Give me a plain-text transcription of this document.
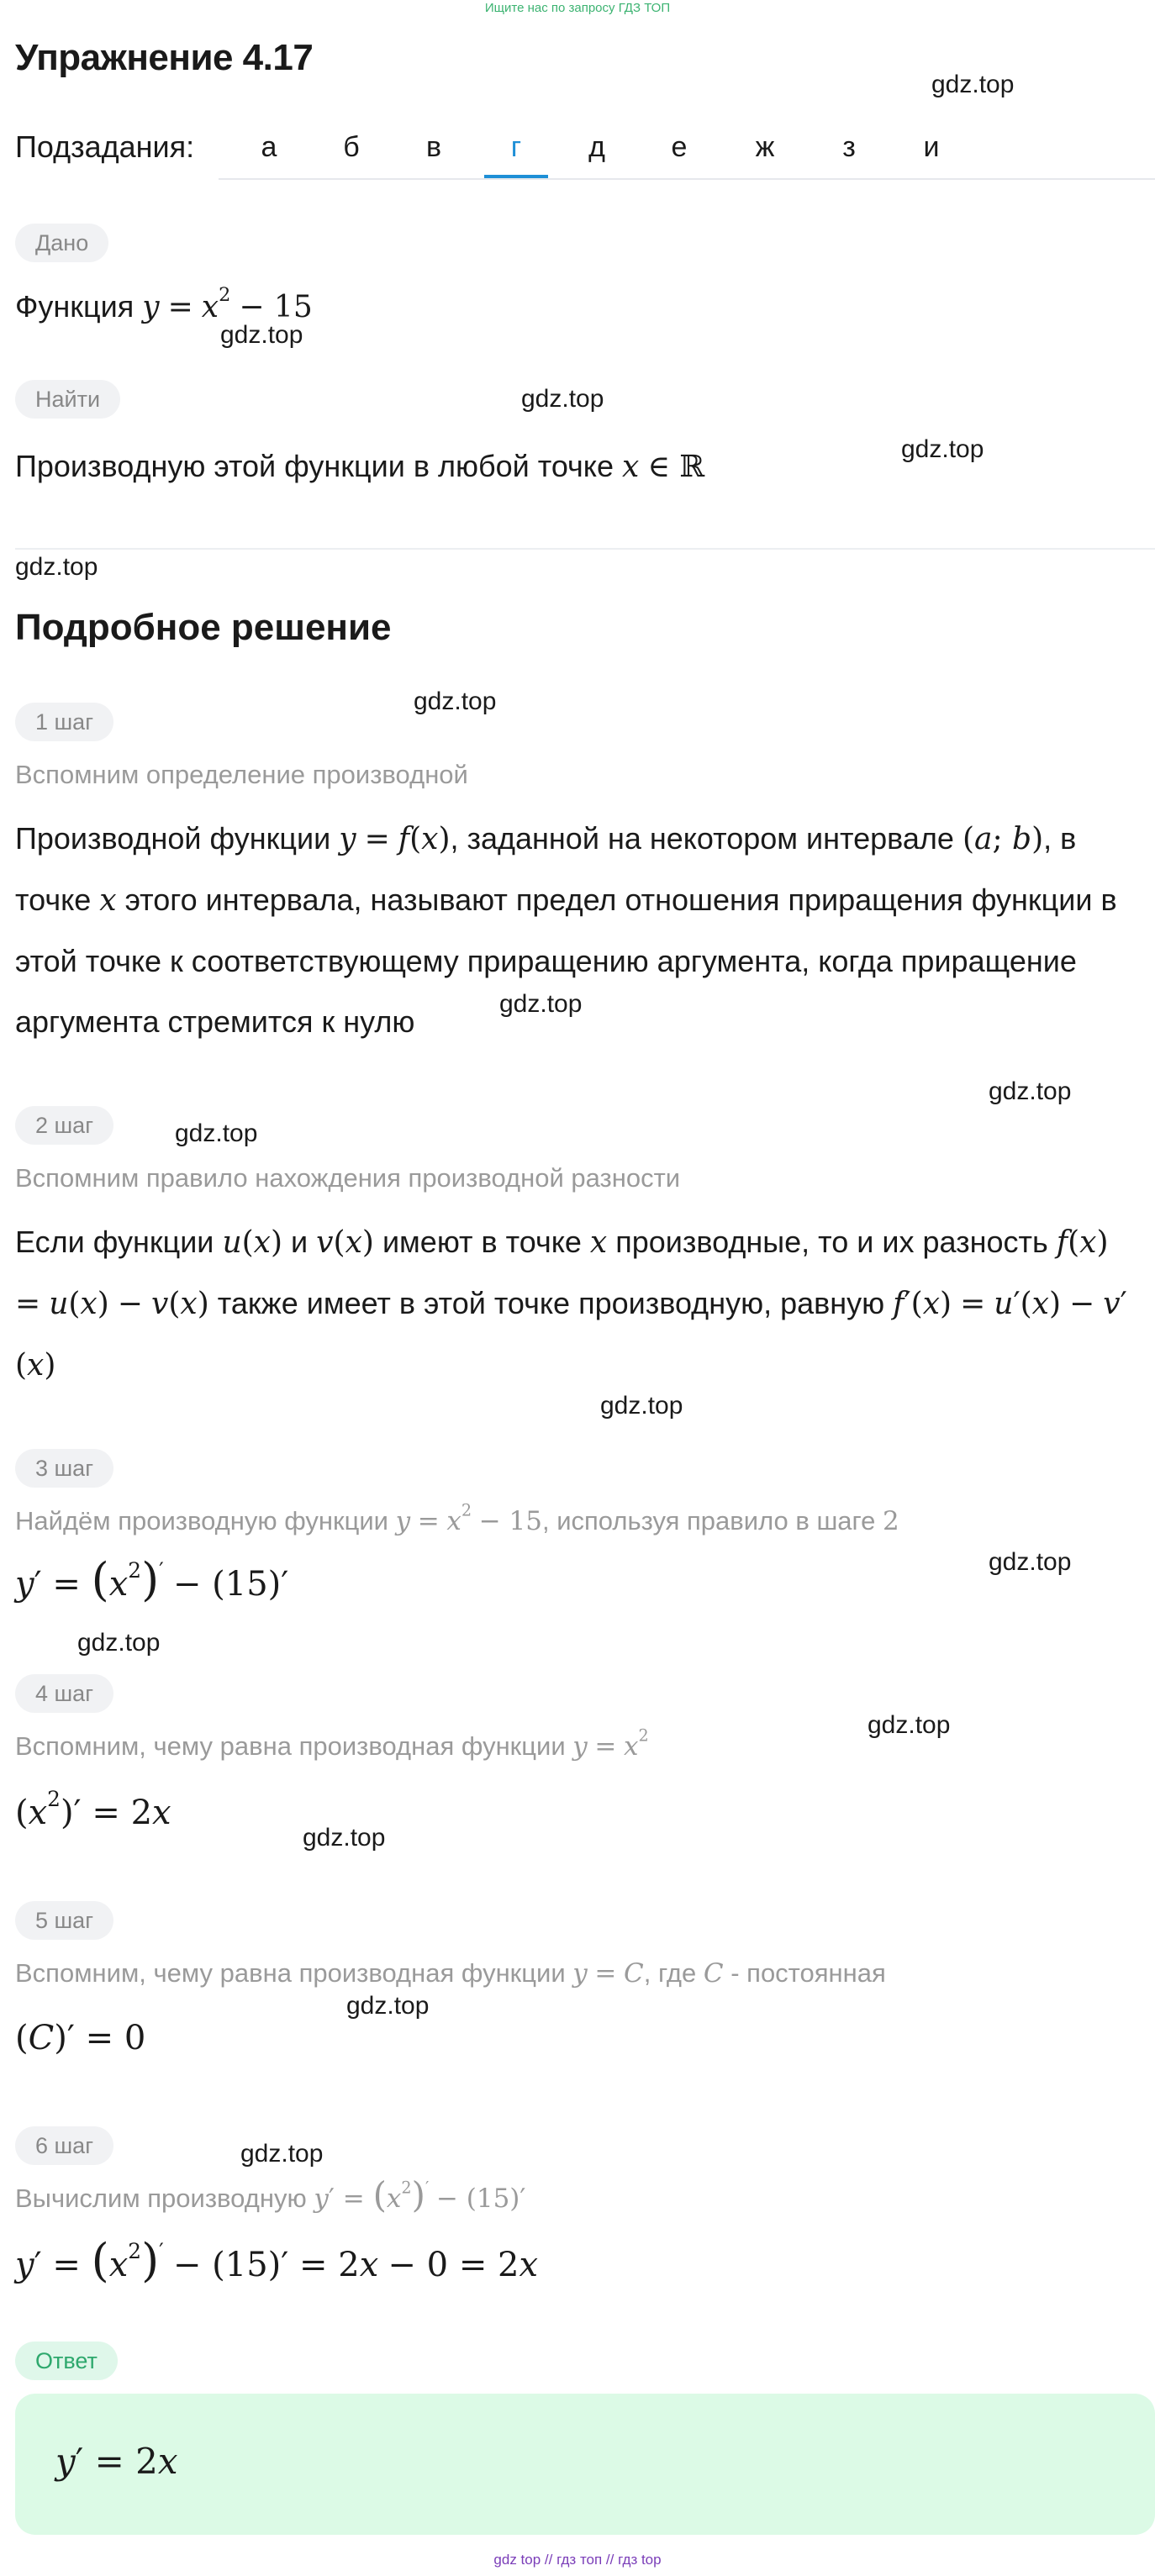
Ищите нас по запросу ГДЗ ТОП
Упражнение 4.17
gdz.top
gdz.top
gdz.top
gdz.top
gdz.top
gdz.top
gdz.top
gdz.top
gdz.top
gdz.top
gdz.top
gdz.top
gdz.top
gdz.top
gdz.top
gdz.top
Подзадания:	а	б	в	г	д	е	ж	з	и
Дано
Функция $y = x^2 - 15$
Найти
Производную этой функции в любой точке x ∈ ℝ
Подробное решение
1 шаг
Вспомним определение производной
Производной функции y = f(x), заданной на некотором интервале (a; b), в точке x этого интервала, называют предел отношения приращения функции в этой точке к соответствующему приращению аргумента, когда приращение аргумента стремится к нулю
2 шаг
Вспомним правило нахождения производной разности
Если функции u(x) и v(x) имеют в точке x производные, то и их разность f(x) = u(x) − v(x) также имеет в этой точке производную, равную f′(x) = u′(x) − v′(x)
3 шаг
Найдём производную функции $y = x^2 - 15$, используя правило в шаге 2
$y' = (x^2)' - (15)'$
4 шаг
Вспомним, чему равна производная функции $y = x^2$
$(x^2)' = 2x$
5 шаг
Вспомним, чему равна производная функции y = C, где C - постоянная
(C)′ = 0
6 шаг
Вычислим производную $y' = (x^2)' - (15)'$
$y' = (x^2)' - (15)' = 2x - 0 = 2x$
Ответ
y′ = 2x
gdz top // гдз топ // гдз top
